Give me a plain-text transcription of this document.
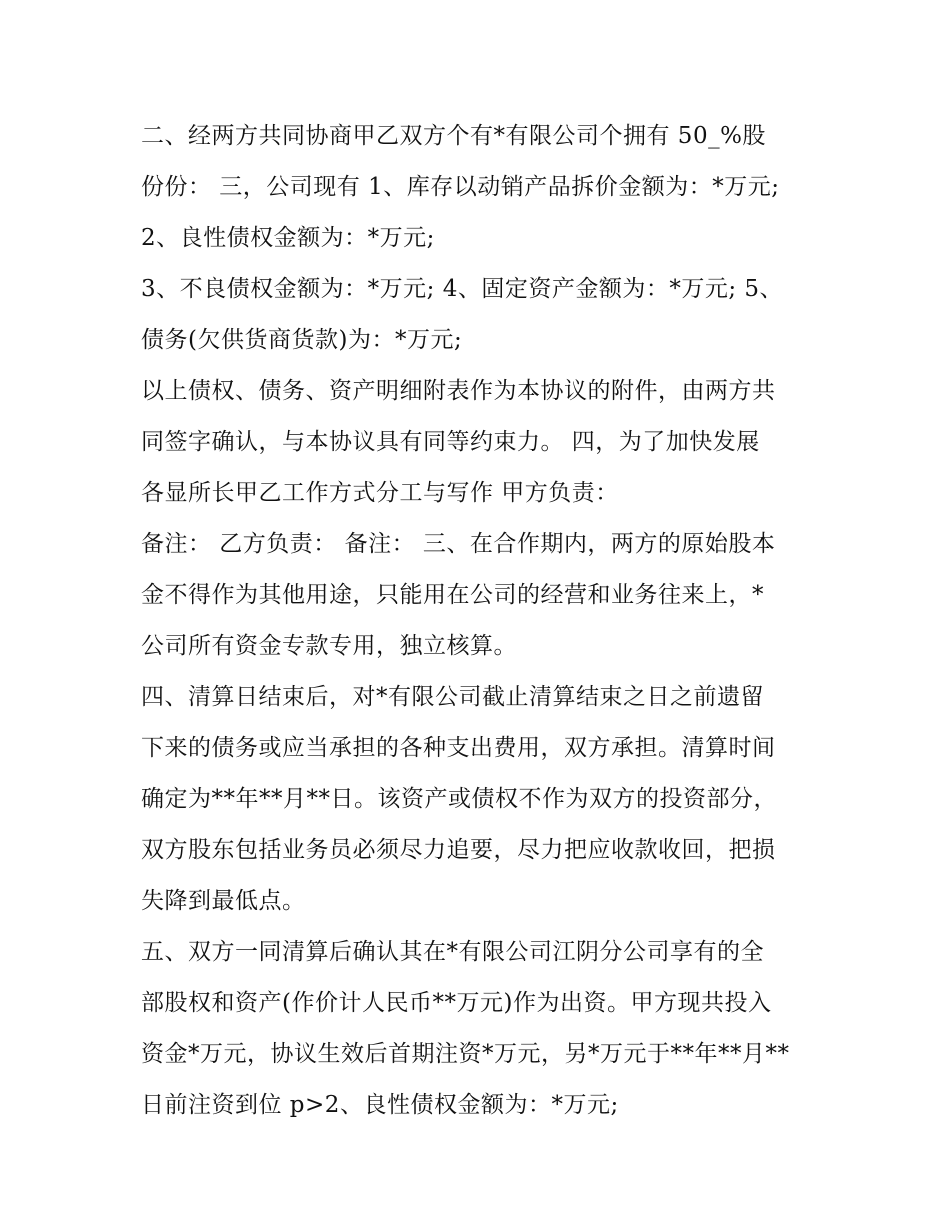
二、经两方共同协商甲乙双方个有*有限公司个拥有 50_%股
份份： 三，公司现有 1、库存以动销产品拆价金额为：*万元;
2、良性债权金额为：*万元;
3、不良债权金额为：*万元; 4、固定资产金额为：*万元; 5、
债务(欠供货商货款)为：*万元;
以上债权、债务、资产明细附表作为本协议的附件，由两方共
同签字确认，与本协议具有同等约束力。 四，为了加快发展
各显所长甲乙工作方式分工与写作 甲方负责：
备注： 乙方负责： 备注： 三、在合作期内，两方的原始股本
金不得作为其他用途，只能用在公司的经营和业务往来上，*
公司所有资金专款专用，独立核算。
四、清算日结束后，对*有限公司截止清算结束之日之前遗留
下来的债务或应当承担的各种支出费用，双方承担。清算时间
确定为**年**月**日。该资产或债权不作为双方的投资部分，
双方股东包括业务员必须尽力追要，尽力把应收款收回，把损
失降到最低点。
五、双方一同清算后确认其在*有限公司江阴分公司享有的全
部股权和资产(作价计人民币**万元)作为出资。甲方现共投入
资金*万元，协议生效后首期注资*万元，另*万元于**年**月**
日前注资到位 p>2、良性债权金额为：*万元;
